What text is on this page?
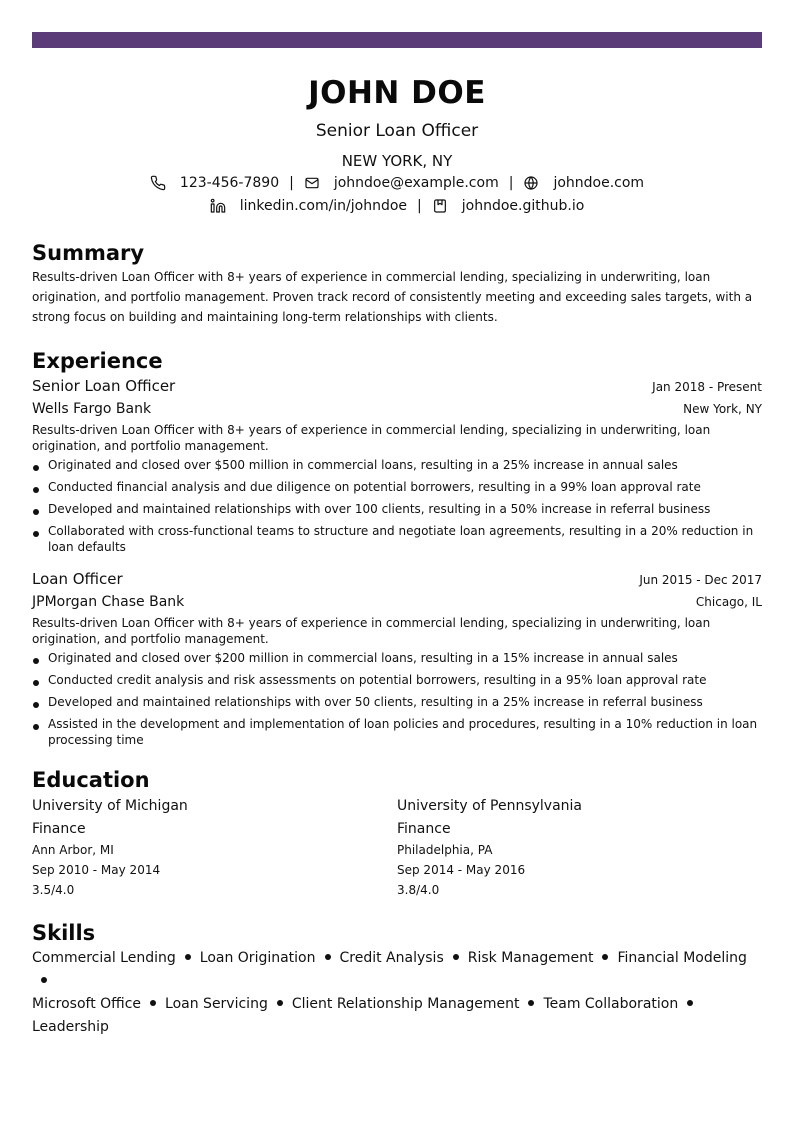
JOHN DOE
Senior Loan Officer
NEW YORK, NY
123-456-7890 |	johndoe@example.com |	johndoe.com
linkedin.com/in/johndoe |	johndoe.github.io
Summary
Results-driven Loan Officer with 8+ years of experience in commercial lending, specializing in underwriting, loan origination, and portfolio management. Proven track record of consistently meeting and exceeding sales targets, with a strong focus on building and maintaining long-term relationships with clients.
Experience
Senior Loan Officer	Jan 2018 - Present
Wells Fargo Bank	New York, NY
Results-driven Loan Officer with 8+ years of experience in commercial lending, specializing in underwriting, loan origination, and portfolio management.
Originated and closed over $500 million in commercial loans, resulting in a 25% increase in annual sales
Conducted financial analysis and due diligence on potential borrowers, resulting in a 99% loan approval rate
Developed and maintained relationships with over 100 clients, resulting in a 50% increase in referral business
Collaborated with cross-functional teams to structure and negotiate loan agreements, resulting in a 20% reduction in loan defaults
Loan Officer	Jun 2015 - Dec 2017
JPMorgan Chase Bank	Chicago, IL
Results-driven Loan Officer with 8+ years of experience in commercial lending, specializing in underwriting, loan origination, and portfolio management.
Originated and closed over $200 million in commercial loans, resulting in a 15% increase in annual sales
Conducted credit analysis and risk assessments on potential borrowers, resulting in a 95% loan approval rate
Developed and maintained relationships with over 50 clients, resulting in a 25% increase in referral business
Assisted in the development and implementation of loan policies and procedures, resulting in a 10% reduction in loan processing time
Education
University of Michigan
Finance
Ann Arbor, MI
Sep 2010 - May 2014
3.5/4.0
University of Pennsylvania
Finance
Philadelphia, PA
Sep 2014 - May 2016
3.8/4.0
Skills
Commercial Lending Loan Origination Credit Analysis Risk Management Financial Modeling
Microsoft Office Loan Servicing Client Relationship Management Team CollaborationLeadership
